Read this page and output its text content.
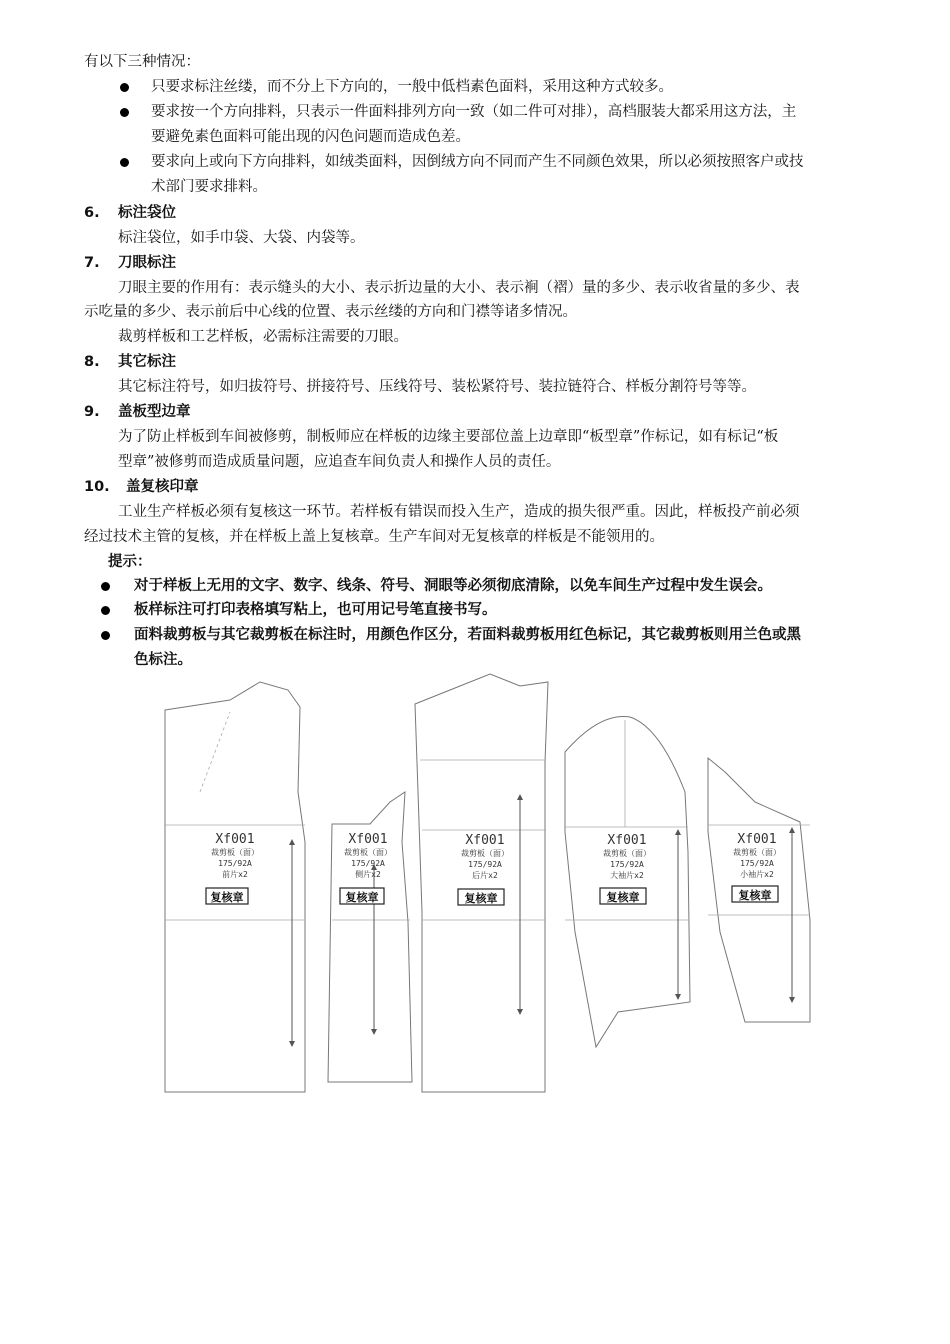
有以下三种情况：
只要求标注丝缕，而不分上下方向的，一般中低档素色面料，采用这种方式较多。
要求按一个方向排料，只表示一件面料排列方向一致（如二件可对排），高档服装大都采用这方法，主
要避免素色面料可能出现的闪色问题而造成色差。
要求向上或向下方向排料，如绒类面料，因倒绒方向不同而产生不同颜色效果，所以必须按照客户或技
术部门要求排料。
6. 标注袋位
标注袋位，如手巾袋、大袋、内袋等。
7. 刀眼标注
刀眼主要的作用有：表示缝头的大小、表示折边量的大小、表示裥（褶）量的多少、表示收省量的多少、表
示吃量的多少、表示前后中心线的位置、表示丝缕的方向和门襟等诸多情况。
裁剪样板和工艺样板，必需标注需要的刀眼。
8. 其它标注
其它标注符号，如归拔符号、拼接符号、压线符号、装松紧符号、装拉链符合、样板分割符号等等。
9. 盖板型边章
为了防止样板到车间被修剪，制板师应在样板的边缘主要部位盖上边章即“板型章”作标记，如有标记“板
型章”被修剪而造成质量问题，应追查车间负责人和操作人员的责任。
10. 盖复核印章
工业生产样板必须有复核这一环节。若样板有错误而投入生产，造成的损失很严重。因此，样板投产前必须
经过技术主管的复核，并在样板上盖上复核章。生产车间对无复核章的样板是不能领用的。
提示：
对于样板上无用的文字、数字、线条、符号、洞眼等必须彻底清除，以免车间生产过程中发生误会。
板样标注可打印表格填写粘上，也可用记号笔直接书写。
面料裁剪板与其它裁剪板在标注时，用颜色作区分，若面料裁剪板用红色标记，其它裁剪板则用兰色或黑
色标注。
Xf001
裁剪板（面）
175/92A
前片x2
复核章
Xf001
裁剪板（面）
175/92A
侧片x2
复核章
Xf001
裁剪板（面）
175/92A
后片x2
复核章
Xf001
裁剪板（面）
175/92A
大袖片x2
复核章
Xf001
裁剪板（面）
175/92A
小袖片x2
复核章
